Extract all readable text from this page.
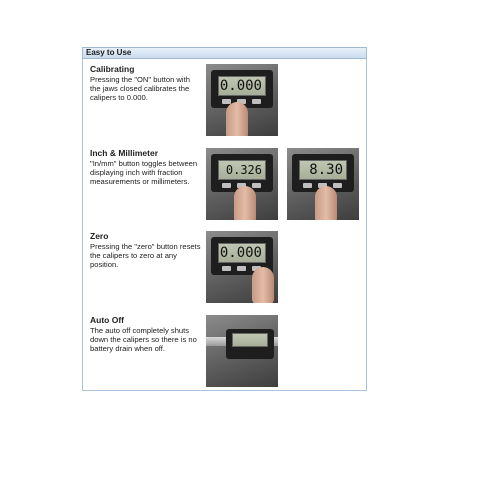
Easy to Use
Calibrating

Pressing the "ON" button with the jaws closed calibrates the calipers to 0.000.

0.000
Inch & Millimeter

"In/mm" button toggles between displaying inch with fraction measurements or millimeters.

0.326	8.30
Zero

Pressing the "zero" button resets the calipers to zero at any position.

0.000
Auto Off

The auto off completely shuts down the calipers so there is no battery drain when off.
